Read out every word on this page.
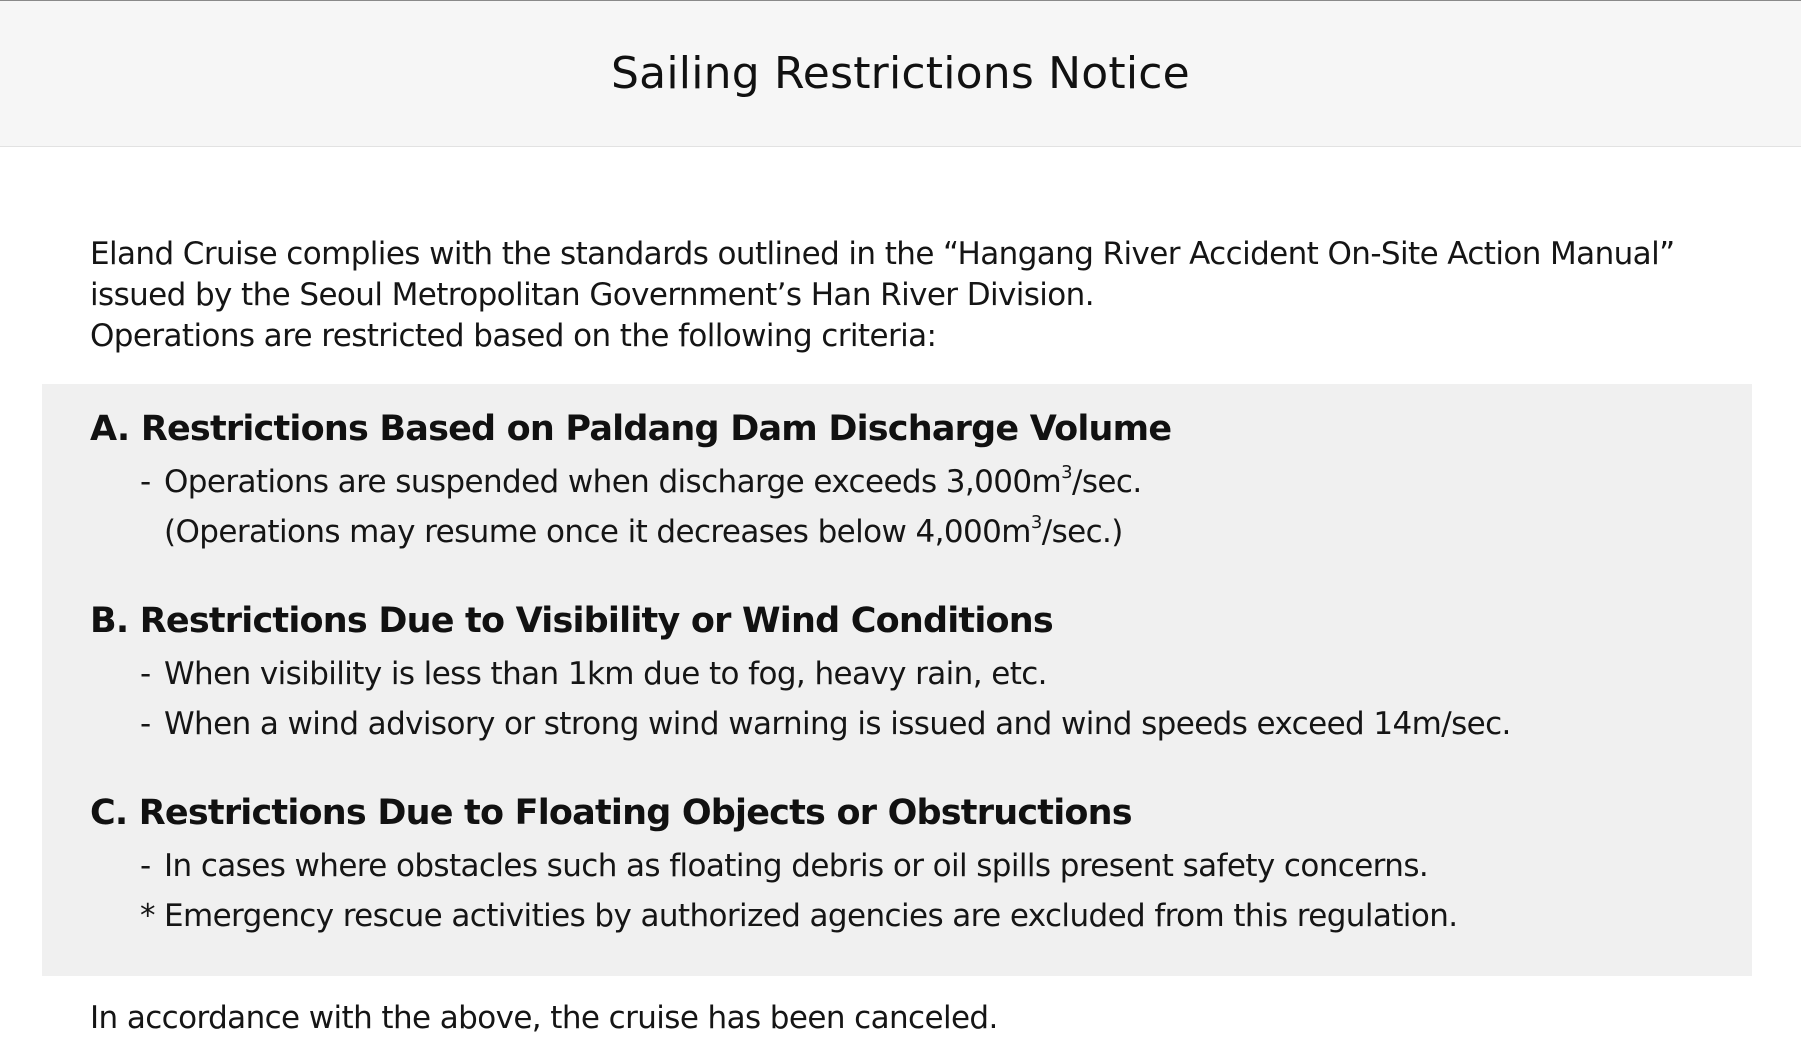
Sailing Restrictions Notice

Eland Cruise complies with the standards outlined in the “Hangang River Accident On-Site Action Manual” issued by the Seoul Metropolitan Government’s Han River Division.

Operations are restricted based on the following criteria:

A. Restrictions Based on Paldang Dam Discharge Volume
- Operations are suspended when discharge exceeds $3,000m^3/\sec$.
(Operations may resume once it decreases below $4,000m^3/\sec$.)
B. Restrictions Due to Visibility or Wind Conditions
- When visibility is less than 1km due to fog, heavy rain, etc.
- When a wind advisory or strong wind warning is issued and wind speeds exceed 14m/sec.
C. Restrictions Due to Floating Objects or Obstructions
- In cases where obstacles such as floating debris or oil spills present safety concerns.
* Emergency rescue activities by authorized agencies are excluded from this regulation.
In accordance with the above, the cruise has been canceled.
